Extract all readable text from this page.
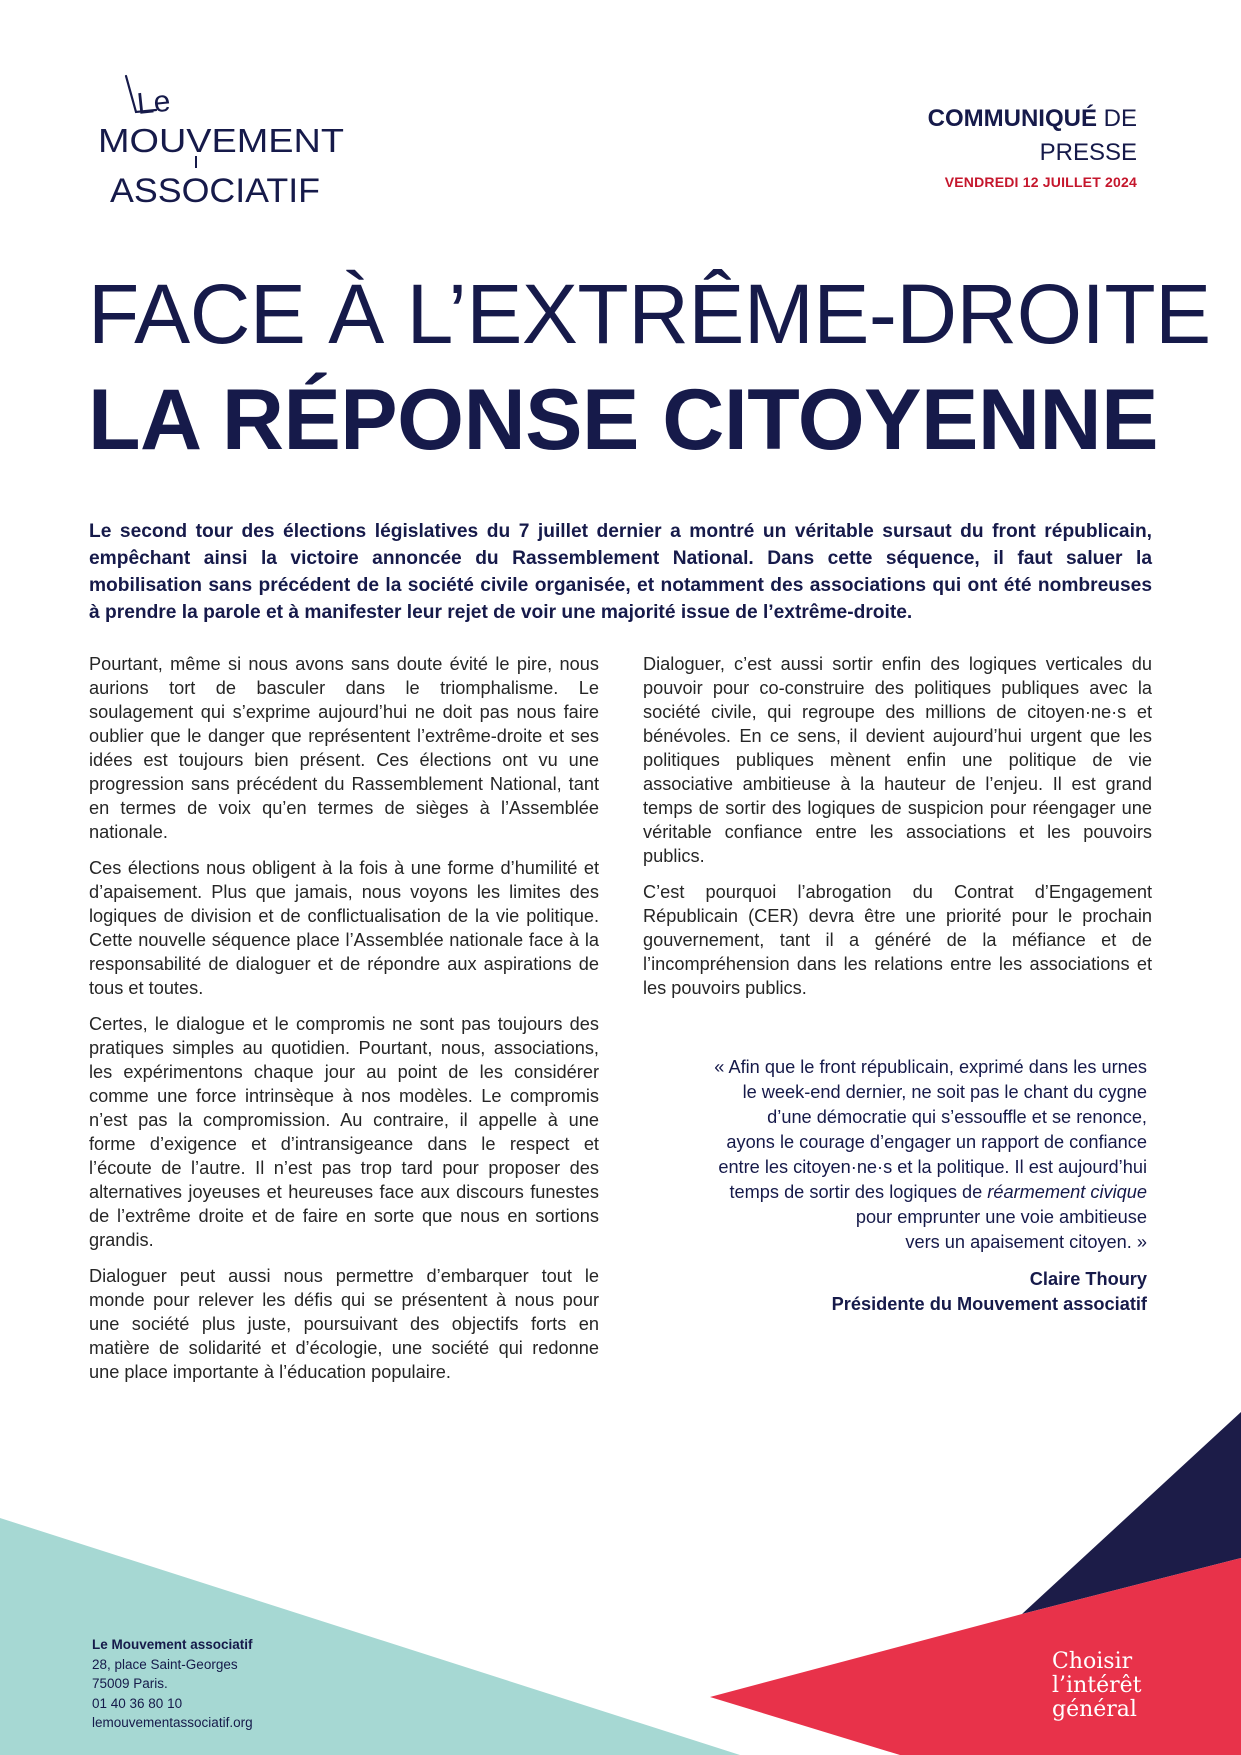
Le
MOUVEMENT
ASSOCIATIF
COMMUNIQUÉ DE
PRESSE
VENDREDI 12 JUILLET 2024
FACE À L’EXTRÊME-DROITE
LA RÉPONSE CITOYENNE
Le second tour des élections législatives du 7 juillet dernier a montré un véritable sursaut du front républicain, empêchant ainsi la victoire annoncée du Rassemblement National. Dans cette séquence, il faut saluer la mobilisation sans précédent de la société civile organisée, et notamment des associations qui ont été nombreuses à prendre la parole et à manifester leur rejet de voir une majorité issue de l’extrême-droite.

Pourtant, même si nous avons sans doute évité le pire, nous aurions tort de basculer dans le triomphalisme. Le soulagement qui s’exprime aujourd’hui ne doit pas nous faire oublier que le danger que représentent l’extrême-droite et ses idées est toujours bien présent. Ces élections ont vu une progression sans précédent du Rassemblement National, tant en termes de voix qu’en termes de sièges à l’Assemblée nationale.

Ces élections nous obligent à la fois à une forme d’humilité et d’apaisement. Plus que jamais, nous voyons les limites des logiques de division et de conflictualisation de la vie politique. Cette nouvelle séquence place l’Assemblée nationale face à la responsabilité de dialoguer et de répondre aux aspirations de tous et toutes.

Certes, le dialogue et le compromis ne sont pas toujours des pratiques simples au quotidien. Pourtant, nous, associations, les expérimentons chaque jour au point de les considérer comme une force intrinsèque à nos modèles. Le compromis n’est pas la compromission. Au contraire, il appelle à une forme d’exigence et d’intransigeance dans le respect et l’écoute de l’autre. Il n’est pas trop tard pour proposer des alternatives joyeuses et heureuses face aux discours funestes de l’extrême droite et de faire en sorte que nous en sortions grandis.

Dialoguer peut aussi nous permettre d’embarquer tout le monde pour relever les défis qui se présentent à nous pour une société plus juste, poursuivant des objectifs forts en matière de solidarité et d’écologie, une société qui redonne une place importante à l’éducation populaire.

Dialoguer, c’est aussi sortir enfin des logiques verticales du pouvoir pour co-construire des politiques publiques avec la société civile, qui regroupe des millions de citoyen·ne·s et bénévoles. En ce sens, il devient aujourd’hui urgent que les politiques publiques mènent enfin une politique de vie associative ambitieuse à la hauteur de l’enjeu. Il est grand temps de sortir des logiques de suspicion pour réengager une véritable confiance entre les associations et les pouvoirs publics.

C’est pourquoi l’abrogation du Contrat d’Engagement Républicain (CER) devra être une priorité pour le prochain gouvernement, tant il a généré de la méfiance et de l’incompréhension dans les relations entre les associations et les pouvoirs publics.

« Afin que le front républicain, exprimé dans les urnes
le week-end dernier, ne soit pas le chant du cygne
d’une démocratie qui s’essouffle et se renonce,
ayons le courage d’engager un rapport de confiance
entre les citoyen·ne·s et la politique. Il est aujourd’hui
temps de sortir des logiques de réarmement civique
pour emprunter une voie ambitieuse
vers un apaisement citoyen. »
Claire Thoury
Présidente du Mouvement associatif
Le Mouvement associatif
28, place Saint-Georges
75009 Paris.
01 40 36 80 10
lemouvementassociatif.org
Choisir
l’intérêt
général
